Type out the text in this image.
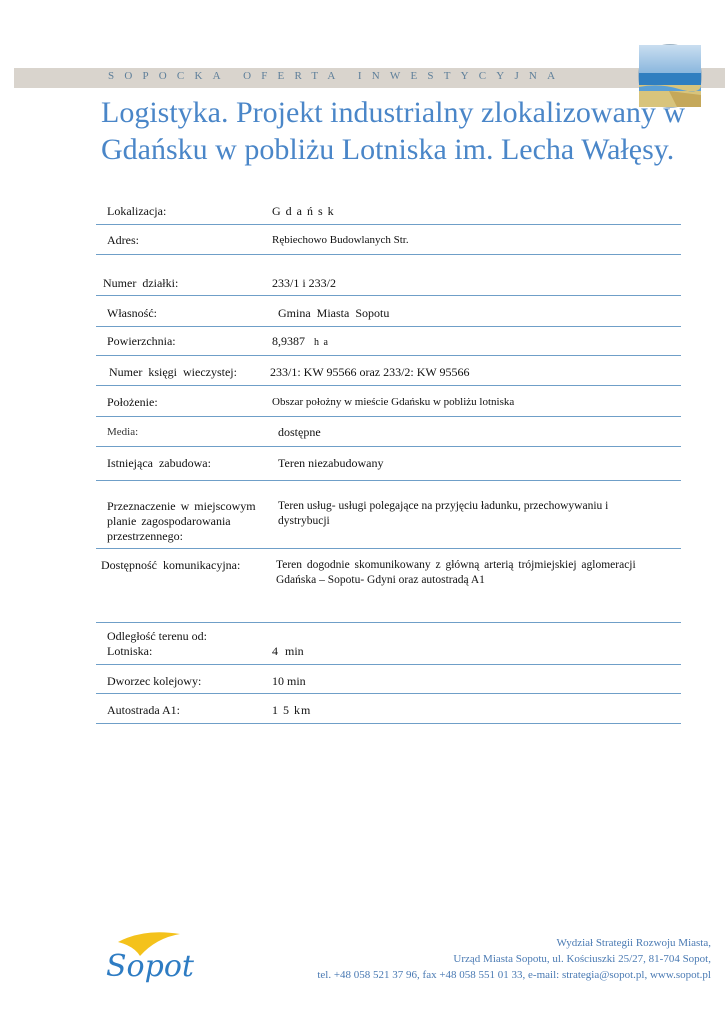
SOPOCKA OFERTA INWESTYCYJNA
Logistyka. Projekt industrialny zlokalizowany w
Gdańsku w pobliżu Lotniska im. Lecha Wałęsy.
Lokalizacja:	G d a ń s k
Adres:	Rębiechowo Budowlanych Str.
Numer działki:	233/1 i 233/2
Własność:	Gmina Miasta Sopotu
Powierzchnia:	8,9387 h a
Numer księgi wieczystej:	233/1: KW 95566 oraz 233/2: KW 95566
Położenie:	Obszar położny w mieście Gdańsku w pobliżu lotniska
Media:	dostępne
Istniejąca zabudowa:	Teren niezabudowany
Przeznaczenie w miejscowym
planie zagospodarowania
przestrzennego:
Teren usług- usługi polegające na przyjęciu ładunku, przechowywaniu i
dystrybucji
Dostępność komunikacyjna:	Teren dogodnie skomunikowany z główną arterią trójmiejskiej aglomeracji
Gdańska – Sopotu- Gdyni oraz autostradą A1
Odległość terenu od:
Lotniska:	4 min
Dworzec kolejowy:	10 min
Autostrada A1:	1 5 km
Sopot
Wydział Strategii Rozwoju Miasta,
Urząd Miasta Sopotu, ul. Kościuszki 25/27, 81-704 Sopot,
tel. +48 058 521 37 96, fax +48 058 551 01 33, e-mail: strategia@sopot.pl, www.sopot.pl
